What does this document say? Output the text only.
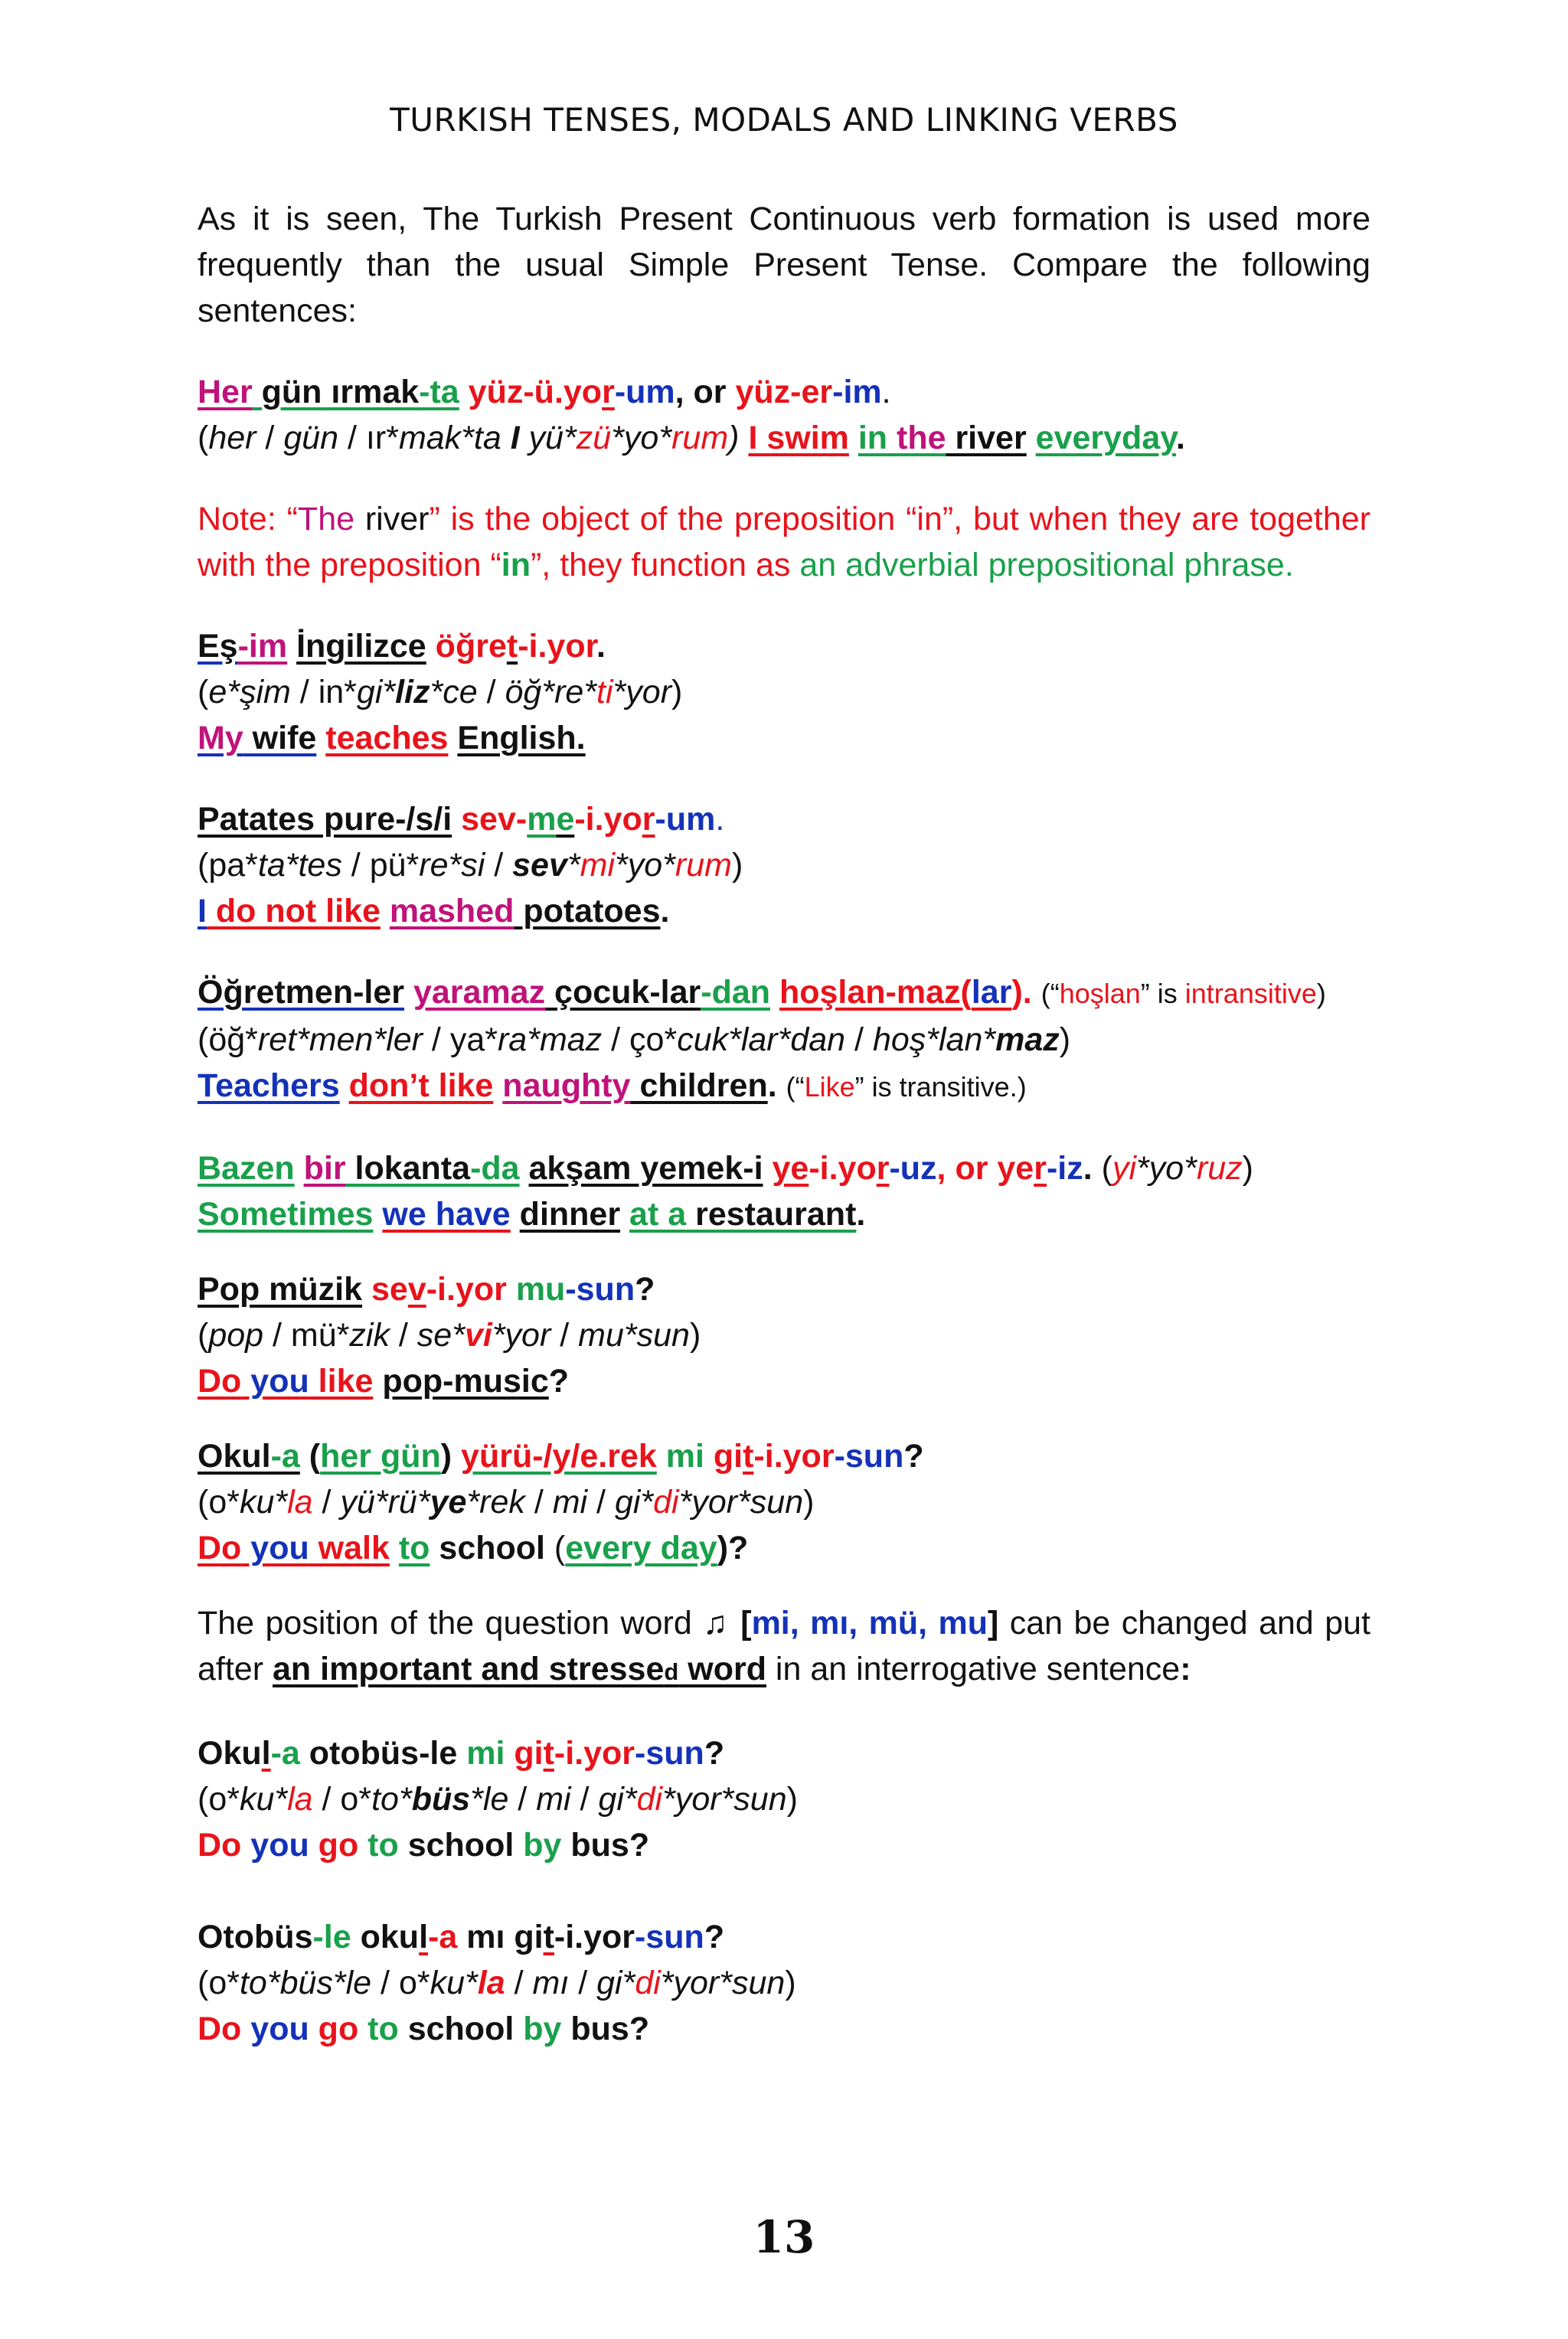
TURKISH TENSES, MODALS AND LINKING VERBS
As it is seen, The Turkish Present Continuous verb formation is used more frequently than the usual Simple Present Tense. Compare the following sentences:
Her gün ırmak-ta yüz-ü.yor-um, or yüz-er-im.
(her / gün / ır*mak*ta I yü*zü*yo*rum) I swim in the river everyday.
Note: “The river” is the object of the preposition “in”, but when they are together with the preposition “in”, they function as an adverbial prepositional phrase.
Eş-im İngilizce öğret-i.yor.
(e*şim / in*gi*liz*ce / öğ*re*ti*yor)
My wife teaches English.
Patates pure-/s/i sev-me-i.yor-um.
(pa*ta*tes / pü*re*si / sev*mi*yo*rum)
I do not like mashed potatoes.
Öğretmen-ler yaramaz çocuk-lar-dan hoşlan-maz(lar). (“hoşlan” is intransitive)
(öğ*ret*men*ler / ya*ra*maz / ço*cuk*lar*dan / hoş*lan*maz)
Teachers don’t like naughty children. (“Like” is transitive.)
Bazen bir lokanta-da akşam yemek-i ye-i.yor-uz, or yer-iz. (yi*yo*ruz)
Sometimes we have dinner at a restaurant.
Pop müzik sev-i.yor mu-sun?
(pop / mü*zik / se*vi*yor / mu*sun)
Do you like pop-music?
Okul-a (her gün) yürü-/y/e.rek mi git-i.yor-sun?
(o*ku*la / yü*rü*ye*rek / mi / gi*di*yor*sun)
Do you walk to school (every day)?
The position of the question word ♫ [mi, mı, mü, mu] can be changed and put after an important and stressed word in an interrogative sentence:
Okul-a otobüs-le mi git-i.yor-sun?
(o*ku*la / o*to*büs*le / mi / gi*di*yor*sun)
Do you go to school by bus?
Otobüs-le okul-a mı git-i.yor-sun?
(o*to*büs*le / o*ku*la / mı / gi*di*yor*sun)
Do you go to school by bus?
13
